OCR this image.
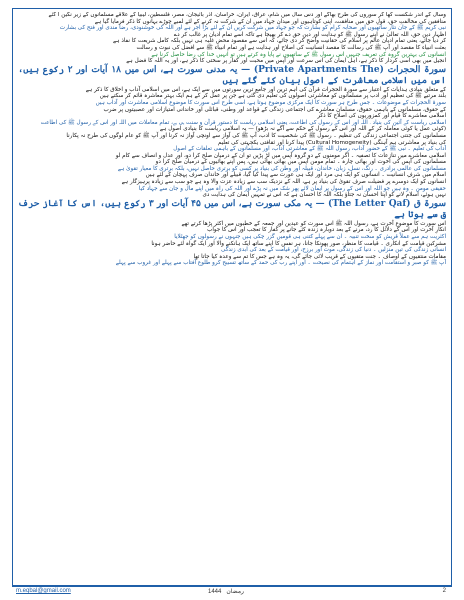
وسال کے اندر شکست کھا کر سوروں کی طرح بھاگے اور دس سال میں شام، عراق، ایران، خراسان، آذر بائیجان، مصر، فلسطین، لیبیا کے علاقے مسلمانوں کے زیر نگین آ گئے
منافقین کی مخالفتِ حق، قولِ حق میں منافقت، اپنی کوتاہیوں اور میدان جہاد میں ان کے شرکت نہ کرنے کے لئے لمبے چوڑے بہانوں کا ذکر فرمایا گیا ہے
نبی کریم ﷺ کے جان نثار ساتھیوں اور صحابہ کرام کو بشارت کہ جو جہاد میں شرکت کریں ان کے لئے بڑا اجر ہے اور اللہ کی خوشنودی، رضا مندی اور فتح کی بشارت
اظہار دین حق، اللہ تعالیٰ نے اپنے رسول ﷺ کو ہدایت اور دین حق دے کر بھیجا ہے تاکہ اسے تمام ادیان پر غالب کر دے
کر دیا جائے، یعنی تمام ادیان عالم پر اسلام کی حقانیت واضح کر دی جائے، کہ اس سے مقصود محض غلبہ ہی نہیں بلکہ کامل شریعت کا نفاذ ہے
بعثت انبیاء کا مقصد اور آپ ﷺ کی رسالت کا مقصد انسانیت کی اصلاح اور ہدایت ہے اور تمام انبیاء ﷺ سے افضل کی نبوت و رسالت
انسانوں کی بہترین گروہ کی تعریف جنہیں اس رسول ﷺ کے ساتھیوں نے پایا وہ کرتے ہیں تو انہیں خدا کی رضا حاصل کرنا ہے
انجیل میں بھی اسی کردار کا ذکر ہے، اہل ایمان کی اس سرعت اور آپس میں محبت اور کفار پر سختی کا ذکر ہے، اور یہ اللہ کا فضل ہے
سورۃ الحجرات (Private Apartments The) — یہ مدنی سورت ہے، اس میں ۱۸ آیات اور ۲ رکوع ہیں، اس میں اسلامی معاشرت کے اصول بیان کئے گئے ہیں
کے متعلق بنیادی ہدایات کے اعتبار سے سورۃ الحجرات قرآن کی اہم ترین اور جامع ترین سورتوں میں سے ایک ہے، اس میں اسلامی آداب و اخلاق کا ذکر ہے
بلند مرتبے ﷺ کی تعظیم اور ادب پر مسلمانوں کو معاشرتی اصولوں کی تعلیم دی گئی ہے جن پر عمل کر کے ہم ایک بہتر معاشرہ قائم کر سکتے ہیں
سورۃ الحجرات کے موضوعات ۔ جس طرح ہر سورت کا ایک مرکزی موضوع ہوتا ہے، اسی طرح اس سورت کا موضوع اسلامی معاشرت اور آداب ہیں
کے حقوق، مسلمانوں کے باہمی حقوق، مسلمان معاشرے کی اجتماعی زندگی کے قواعد اور وطنی، قبائلی اور خاندانی امتیازات اور عصبیتوں پر ضرب
اسلامی معاشرے کا قیام اور کمزوریوں کی اصلاح کا ذکر
اسلامی ریاست کے آئین کی بنیاد ۔ اللہ اور اس کے رسول کی اطاعت، یعنی اسلامی ریاست کا دستور قرآن و سنت ہی ہے، تمام معاملات میں اللہ اور اس کے رسول ﷺ کی اطاعت
(کوئی عمل یا کوئی معاملہ کر کے اللہ اور اس کے رسول کے حکم سے آگے نہ بڑھو) — یہ اسلامی ریاست کا بنیادی اصول ہے
مسلمانوں کی جنتی اجتماعی زندگی کی تنظیم ۔ رسول ﷺ کی شخصیت کا ادب، آپ ﷺ کی آواز سے اونچی آواز نہ کرنا اور آپ ﷺ کو عام لوگوں کی طرح نہ پکارنا
کی بنیاد پر معاشرتی ہم آہنگی (Cultural Homogeneity) پیدا کرنا اور ثقافتی یکجہتی کی تعلیم
آداب کی تعلیم ۔ نبی ﷺ کے حضور آداب، رسول اللہ ﷺ کے معاشرتی آداب، اور مسلمانوں کے باہمی تعلقات کے اصول
اسلامی معاشرے میں تنازعات کا تصفیہ ۔ اگر مومنوں کے دو گروہ آپس میں لڑ پڑیں تو ان کے درمیان صلح کرا دو، اور عدل و انصاف سے کام لو
مسلمانوں کی آپس کی اخوت اور بھائی چارہ ۔ تمام مومن آپس میں بھائی بھائی ہیں، پس اپنے بھائیوں کے درمیان صلح کرا دو
مسلمانوں کی عالمی برادری ۔ رنگ، نسل، زبان، خاندان، قبیلہ اور وطن کی بنیاد پر کسی کو برتری حاصل نہیں، بلکہ برتری کا معیار تقویٰ ہے
اسلام میں شرفِ انسانیت ۔ انسانوں کو ایک ہی مرد اور ایک ہی عورت سے پیدا کیا گیا، قبیلے اور خاندان صرف پہچان کے لئے ہیں
انسانوں کو ایک دوسرے پر فضیلت صرف تقویٰ کی بنیاد پر ہے، اللہ کے نزدیک سب سے زیادہ عزت والا وہ ہے جو سب سے زیادہ پرہیزگار ہے
حقیقی مومن ۔ وہ ہیں جو اللہ اور اس کے رسول پر ایمان لائے پھر شک میں نہ پڑے اور اللہ کی راہ میں اپنے مال و جان سے جہاد کیا
نہیں ہوئے، اسلام لانے کو اپنا احسان نہ جتاؤ بلکہ اللہ کا احسان ہے کہ اس نے تمہیں ایمان کی ہدایت دی
سورۃ ق (The Letter Qaf) — یہ مکی سورت ہے، اس میں ۴۵ آیات اور ۳ رکوع ہیں، اس کا آغاز حرف ق سے ہوتا ہے
اس سورت کا موضوع آخرت ہے، رسول اللہ ﷺ اس سورت کو عیدین اور جمعہ کے خطبوں میں اکثر پڑھا کرتے تھے
انکارِ آخرت اور اس کے دلائل کا رد، مرنے کے بعد دوبارہ زندہ کئے جانے پر کفار کا تعجب اور اس کا جواب
اکثریت ہم سے عملاً قریش کو سخت تنبیہ ۔ ان سے پہلے کتنی ہی قومیں گزر چکی ہیں جنہوں نے رسولوں کو جھٹلایا
مشرکین قیامت کے انکاری ۔ قیامت کا منظر، صور پھونکا جانا، ہر نفس کا اپنے ساتھ ایک ہانکنے والا اور ایک گواہ لئے حاضر ہونا
انسانی زندگی کی تین منزلیں ۔ دنیا کی زندگی، موت اور برزخ، اور قیامت کے بعد کی ابدی زندگی
مقامات منتقیوں کے اوصاف ۔ جنت متقیوں کے قریب لائی جائے گی، یہ وہ ہے جس کا تم سے وعدہ کیا جاتا تھا
آپ ﷺ کو صبر و استقامت اور نماز کے اہتمام کی نصیحت ۔ اور اپنے رب کی حمد کے ساتھ تسبیح کرو طلوع آفتاب سے پہلے اور غروب سے پہلے
m.eqbal@gmail.com	رمضان   1444	2
